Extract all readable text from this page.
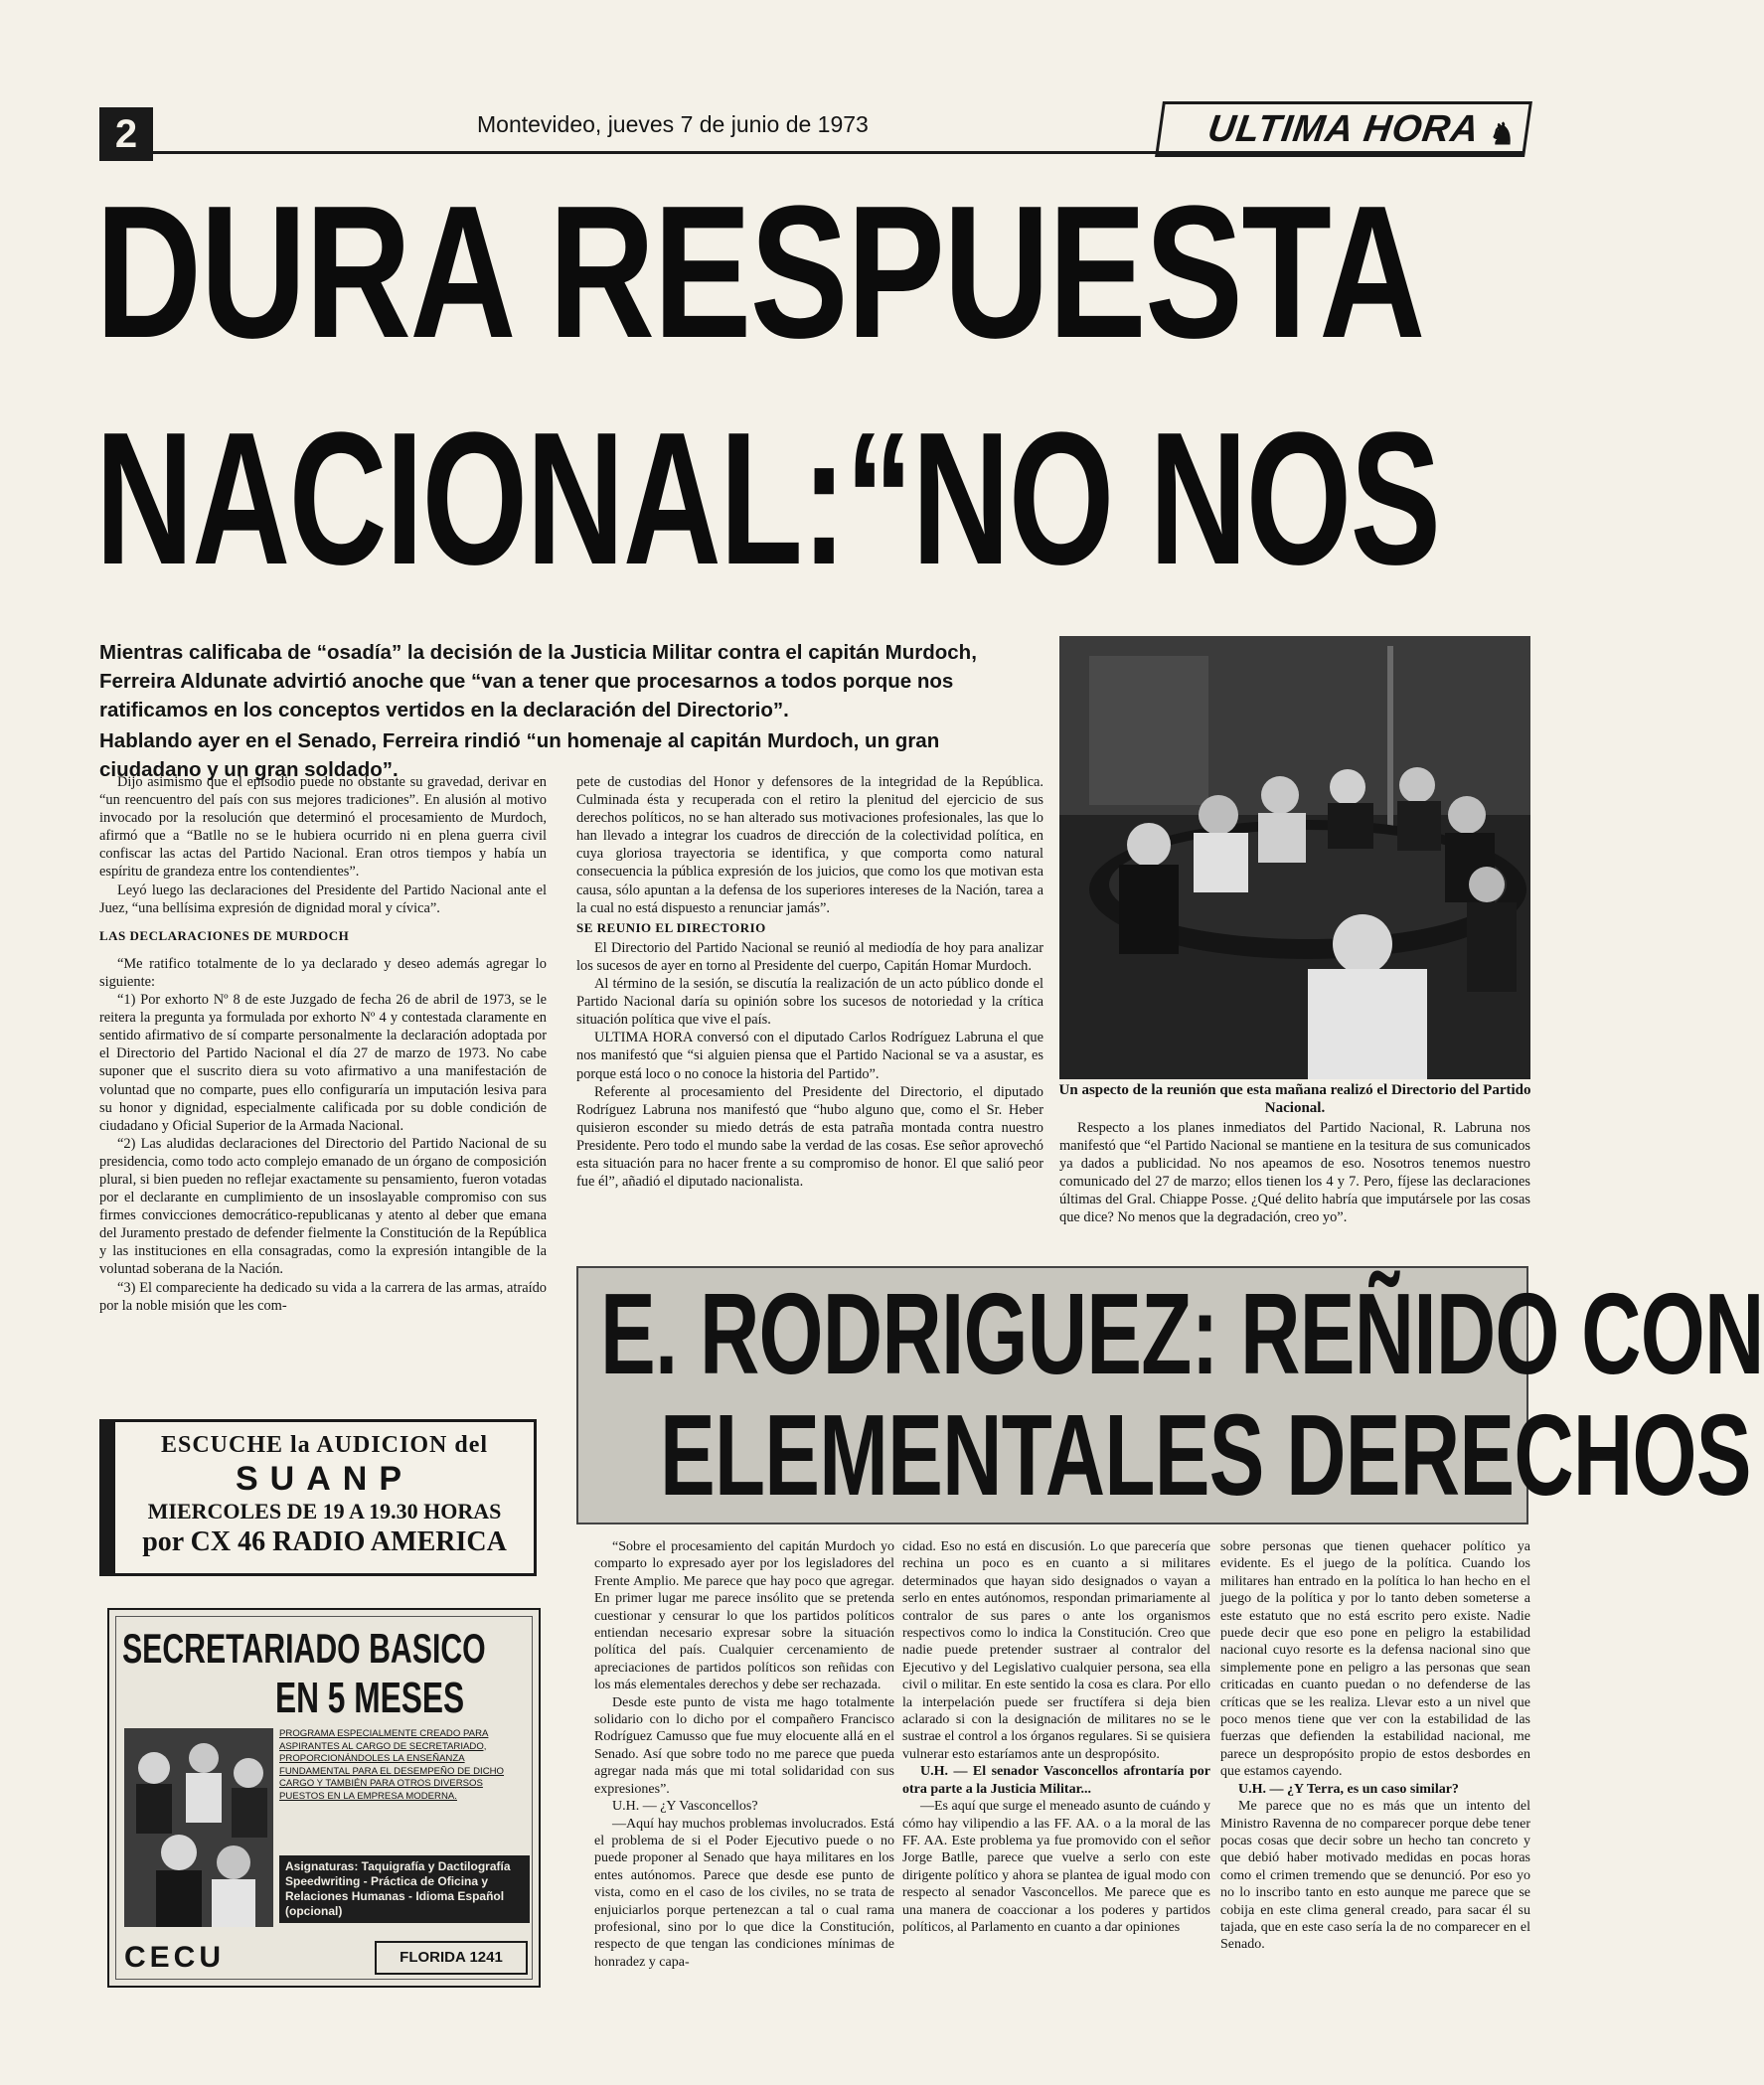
2	Montevideo, jueves 7 de junio de 1973	ULTIMA HORA ♞
DURA RESPUESTA
NACIONAL:“NO NOS

Mientras calificaba de “osadía” la decisión de la Justicia Militar contra el capitán Murdoch, Ferreira Aldunate advirtió anoche que “van a tener que procesarnos a todos porque nos ratificamos en los conceptos vertidos en la declaración del Directorio”.

Hablando ayer en el Senado, Ferreira rindió “un homenaje al capitán Murdoch, un gran ciudadano y un gran soldado”.

Dijo asimismo que el episodio puede no obstante su gravedad, derivar en “un reencuentro del país con sus mejores tradiciones”. En alusión al motivo invocado por la resolución que determinó el procesamiento de Murdoch, afirmó que a “Batlle no se le hubiera ocurrido ni en plena guerra civil confiscar las actas del Partido Nacional. Eran otros tiempos y había un espíritu de grandeza entre los contendientes”.

Leyó luego las declaraciones del Presidente del Partido Nacional ante el Juez, “una bellísima expresión de dignidad moral y cívica”.

LAS DECLARACIONES DE MURDOCH

“Me ratifico totalmente de lo ya declarado y deseo además agregar lo siguiente:

“1) Por exhorto Nº 8 de este Juzgado de fecha 26 de abril de 1973, se le reitera la pregunta ya formulada por exhorto Nº 4 y contestada claramente en sentido afirmativo de sí comparte personalmente la declaración adoptada por el Directorio del Partido Nacional el día 27 de marzo de 1973. No cabe suponer que el suscrito diera su voto afirmativo a una manifestación de voluntad que no comparte, pues ello configuraría un imputación lesiva para su honor y dignidad, especialmente calificada por su doble condición de ciudadano y Oficial Superior de la Armada Nacional.

“2) Las aludidas declaraciones del Directorio del Partido Nacional de su presidencia, como todo acto complejo emanado de un órgano de composición plural, si bien pueden no reflejar exactamente su pensamiento, fueron votadas por el declarante en cumplimiento de un insoslayable compromiso con sus firmes convicciones democrático-republicanas y atento al deber que emana del Juramento prestado de defender fielmente la Constitución de la República y las instituciones en ella consagradas, como la expresión intangible de la voluntad soberana de la Nación.

“3) El compareciente ha dedicado su vida a la carrera de las armas, atraído por la noble misión que les com-

pete de custodias del Honor y defensores de la integridad de la República. Culminada ésta y recuperada con el retiro la plenitud del ejercicio de sus derechos políticos, no se han alterado sus motivaciones profesionales, las que lo han llevado a integrar los cuadros de dirección de la colectividad política, en cuya gloriosa trayectoria se identifica, y que comporta como natural consecuencia la pública expresión de los juicios, que como los que motivan esta causa, sólo apuntan a la defensa de los superiores intereses de la Nación, tarea a la cual no está dispuesto a renunciar jamás”.

SE REUNIO EL DIRECTORIO

El Directorio del Partido Nacional se reunió al mediodía de hoy para analizar los sucesos de ayer en torno al Presidente del cuerpo, Capitán Homar Murdoch.

Al término de la sesión, se discutía la realización de un acto público donde el Partido Nacional daría su opinión sobre los sucesos de notoriedad y la crítica situación política que vive el país.

ULTIMA HORA conversó con el diputado Carlos Rodríguez Labruna el que nos manifestó que “si alguien piensa que el Partido Nacional se va a asustar, es porque está loco o no conoce la historia del Partido”.

Referente al procesamiento del Presidente del Directorio, el diputado Rodríguez Labruna nos manifestó que “hubo alguno que, como el Sr. Heber quisieron esconder su miedo detrás de esta patraña montada contra nuestro Presidente. Pero todo el mundo sabe la verdad de las cosas. Ese señor aprovechó esta situación para no hacer frente a su compromiso de honor. El que salió peor fue él”, añadió el diputado nacionalista.

Un aspecto de la reunión que esta mañana realizó el Directorio del Partido Nacional.

Respecto a los planes inmediatos del Partido Nacional, R. Labruna nos manifestó que “el Partido Nacional se mantiene en la tesitura de sus comunicados ya dados a publicidad. No nos apeamos de eso. Nosotros tenemos nuestro comunicado del 27 de marzo; ellos tienen los 4 y 7. Pero, fíjese las declaraciones últimas del Gral. Chiappe Posse. ¿Qué delito habría que imputársele por las cosas que dice? No menos que la degradación, creo yo”.

E. RODRIGUEZ: REÑIDO CON
ELEMENTALES DERECHOS

“Sobre el procesamiento del capitán Murdoch yo comparto lo expresado ayer por los legisladores del Frente Amplio. Me parece que hay poco que agregar. En primer lugar me parece insólito que se pretenda cuestionar y censurar lo que los partidos políticos entiendan necesario expresar sobre la situación política del país. Cualquier cercenamiento de apreciaciones de partidos políticos son reñidas con los más elementales derechos y debe ser rechazada.

Desde este punto de vista me hago totalmente solidario con lo dicho por el compañero Francisco Rodríguez Camusso que fue muy elocuente allá en el Senado. Así que sobre todo no me parece que pueda agregar nada más que mi total solidaridad con sus expresiones”.

U.H. — ¿Y Vasconcellos?

—Aquí hay muchos problemas involucrados. Está el problema de si el Poder Ejecutivo puede o no puede proponer al Senado que haya militares en los entes autónomos. Parece que desde ese punto de vista, como en el caso de los civiles, no se trata de enjuiciarlos porque pertenezcan a tal o cual rama profesional, sino por lo que dice la Constitución, respecto de que tengan las condiciones mínimas de honradez y capa-

cidad. Eso no está en discusión. Lo que parecería que rechina un poco es en cuanto a si militares determinados que hayan sido designados o vayan a serlo en entes autónomos, respondan primariamente al contralor de sus pares o ante los organismos respectivos como lo indica la Constitución. Creo que nadie puede pretender sustraer al contralor del Ejecutivo y del Legislativo cualquier persona, sea ella civil o militar. En este sentido la cosa es clara. Por ello la interpelación puede ser fructífera si deja bien aclarado si con la designación de militares no se le sustrae el control a los órganos regulares. Si se quisiera vulnerar esto estaríamos ante un despropósito.

U.H. — El senador Vasconcellos afrontaría por otra parte a la Justicia Militar...

—Es aquí que surge el meneado asunto de cuándo y cómo hay vilipendio a las FF. AA. o a la moral de las FF. AA. Este problema ya fue promovido con el señor Jorge Batlle, parece que vuelve a serlo con este dirigente político y ahora se plantea de igual modo con respecto al senador Vasconcellos. Me parece que es una manera de coaccionar a los poderes y partidos políticos, al Parlamento en cuanto a dar opiniones

sobre personas que tienen quehacer político ya evidente. Es el juego de la política. Cuando los militares han entrado en la política lo han hecho en el juego de la política y por lo tanto deben someterse a este estatuto que no está escrito pero existe. Nadie puede decir que eso pone en peligro la estabilidad nacional cuyo resorte es la defensa nacional sino que simplemente pone en peligro a las personas que sean criticadas en cuanto puedan o no defenderse de las críticas que se les realiza. Llevar esto a un nivel que poco menos tiene que ver con la estabilidad de las fuerzas que defienden la estabilidad nacional, me parece un despropósito propio de estos desbordes en que estamos cayendo.

U.H. — ¿Y Terra, es un caso similar?

Me parece que no es más que un intento del Ministro Ravenna de no comparecer porque debe tener pocas cosas que decir sobre un hecho tan concreto y que debió haber motivado medidas en pocas horas como el crimen tremendo que se denunció. Por eso yo no lo inscribo tanto en esto aunque me parece que se cobija en este clima general creado, para sacar él su tajada, que en este caso sería la de no comparecer en el Senado.

ESCUCHE la AUDICION del
SUANP
MIERCOLES DE 19 A 19.30 HORAS
por CX 46 RADIO AMERICA
SECRETARIADO BASICO
EN 5 MESES
PROGRAMA ESPECIALMENTE CREADO PARA ASPIRANTES AL CARGO DE SECRETARIADO, PROPORCIONÁNDOLES LA ENSEÑANZA FUNDAMENTAL PARA EL DESEMPEÑO DE DICHO CARGO Y TAMBIÉN PARA OTROS DIVERSOS PUESTOS EN LA EMPRESA MODERNA.
Asignaturas: Taquigrafía y Dactilografía Speedwriting - Práctica de Oficina y Relaciones Humanas - Idioma Español (opcional)
CECU	FLORIDA 1241
